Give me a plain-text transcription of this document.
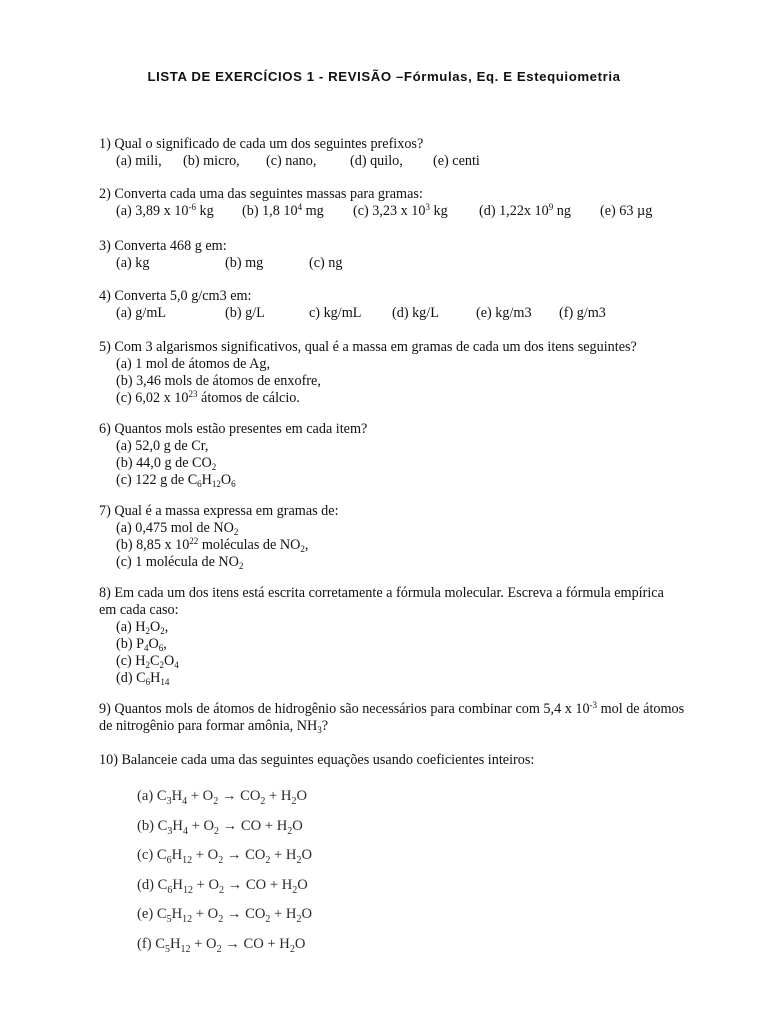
LISTA DE EXERCÍCIOS 1 - REVISÃO –Fórmulas, Eq. E Estequiometria
1) Qual o significado de cada um dos seguintes prefixos?
(a) mili, (b) micro, (c) nano, (d) quilo, (e) centi
2) Converta cada uma das seguintes massas para gramas:
(a) 3,89 x $10^{-6}$ kg (b) 1,8 $10^4$ mg (c) 3,23 x $10^3$ kg (d) 1,22x $10^9$ ng (e) 63 µg
3) Converta 468 g em:
(a) kg	(b) mg	(c) ng
4) Converta 5,0 g/cm3 em:
(a) g/mL	(b) g/L	c) kg/mL (d) kg/L	(e) kg/m3 (f) g/m3
5) Com 3 algarismos significativos, qual é a massa em gramas de cada um dos itens seguintes?
(a) 1 mol de átomos de Ag,
(b) 3,46 mols de átomos de enxofre,
(c) 6,02 x $10^{23}$ átomos de cálcio.
6) Quantos mols estão presentes em cada item?
(a) 52,0 g de Cr,
(b) 44,0 g de $CO_2$
(c) 122 g de $C_6H_{12}O_6$
7) Qual é a massa expressa em gramas de:
(a) 0,475 mol de $NO_2$
(b) 8,85 x $10^{22}$ moléculas de $NO_2$,
(c) 1 molécula de $NO_2$
8) Em cada um dos itens está escrita corretamente a fórmula molecular. Escreva a fórmula empírica
em cada caso:
(a) $H_2O_2$,
(b) $P_4O_6$,
(c) $H_2C_2O_4$
(d) $C_6H_{14}$
9) Quantos mols de átomos de hidrogênio são necessários para combinar com 5,4 x $10^{-3}$ mol de átomos
de nitrogênio para formar amônia, $NH_3$?
10) Balanceie cada uma das seguintes equações usando coeficientes inteiros:
(a) $C_3H_4 + O_2 \to CO_2 + H_2O$
(b) $C_3H_4 + O_2$ → CO + $H_2O$
(c) $C_6H_{12} + O_2 \to CO_2 + H_2O$
(d) $C_6H_{12} + O_2$ → CO + $H_2O$
(e) $C_5H_{12} + O_2 \to CO_2 + H_2O$
(f) $C_5H_{12} + O_2$ → CO + $H_2O$
